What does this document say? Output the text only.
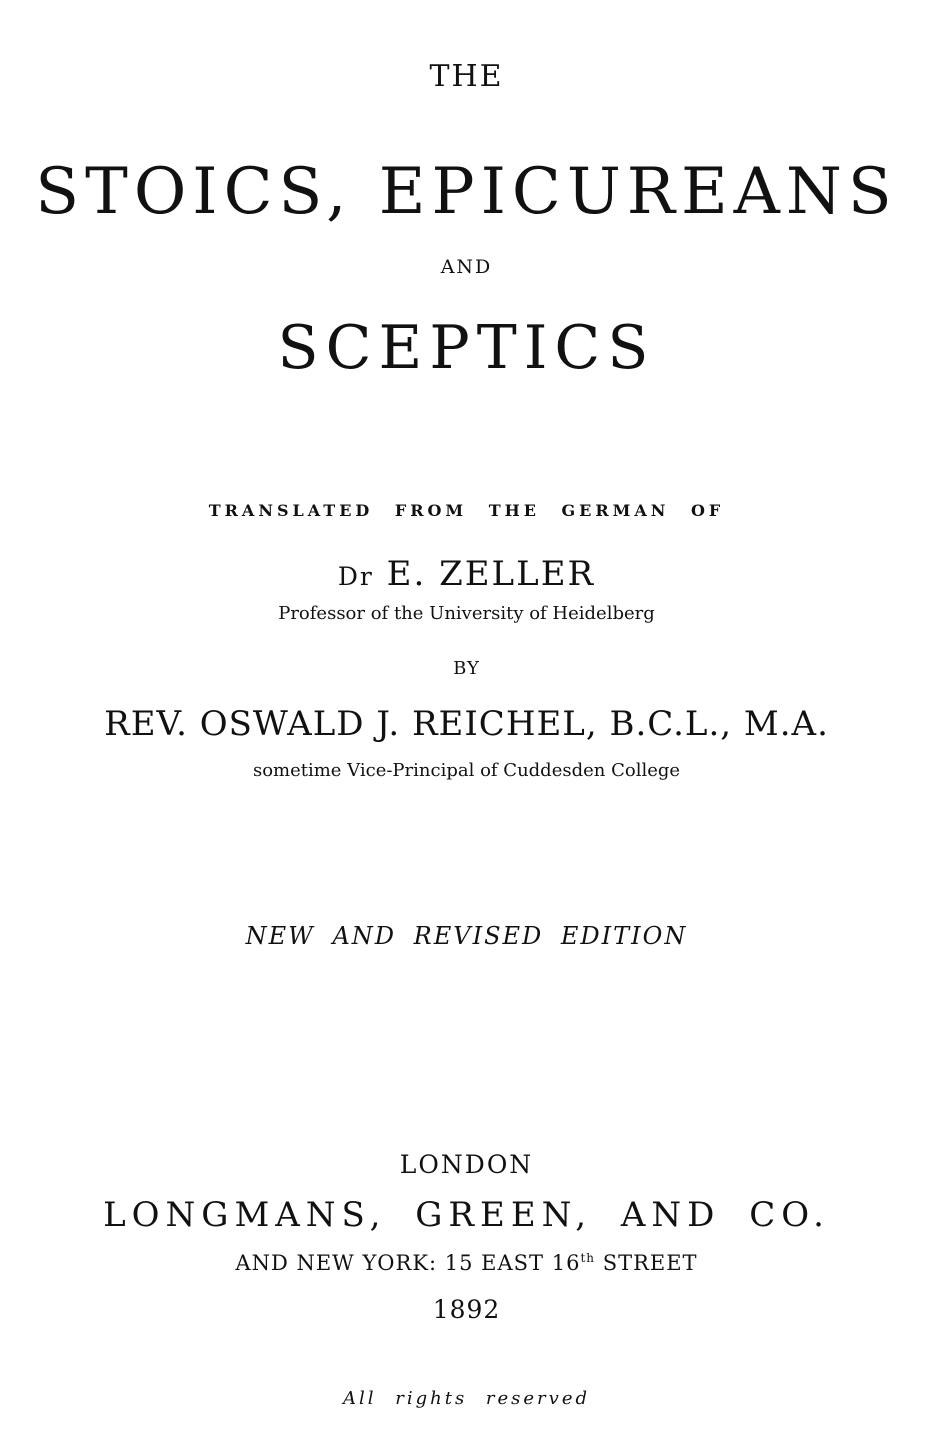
THE
STOICS, EPICUREANS
AND
SCEPTICS
TRANSLATED FROM THE GERMAN OF
Dr E. ZELLER
Professor of the University of Heidelberg
BY
REV. OSWALD J. REICHEL, B.C.L., M.A.
sometime Vice-Principal of Cuddesden College
NEW AND REVISED EDITION
LONDON
LONGMANS, GREEN, AND CO.
AND NEW YORK: 15 EAST 16th STREET
1892
All rights reserved
